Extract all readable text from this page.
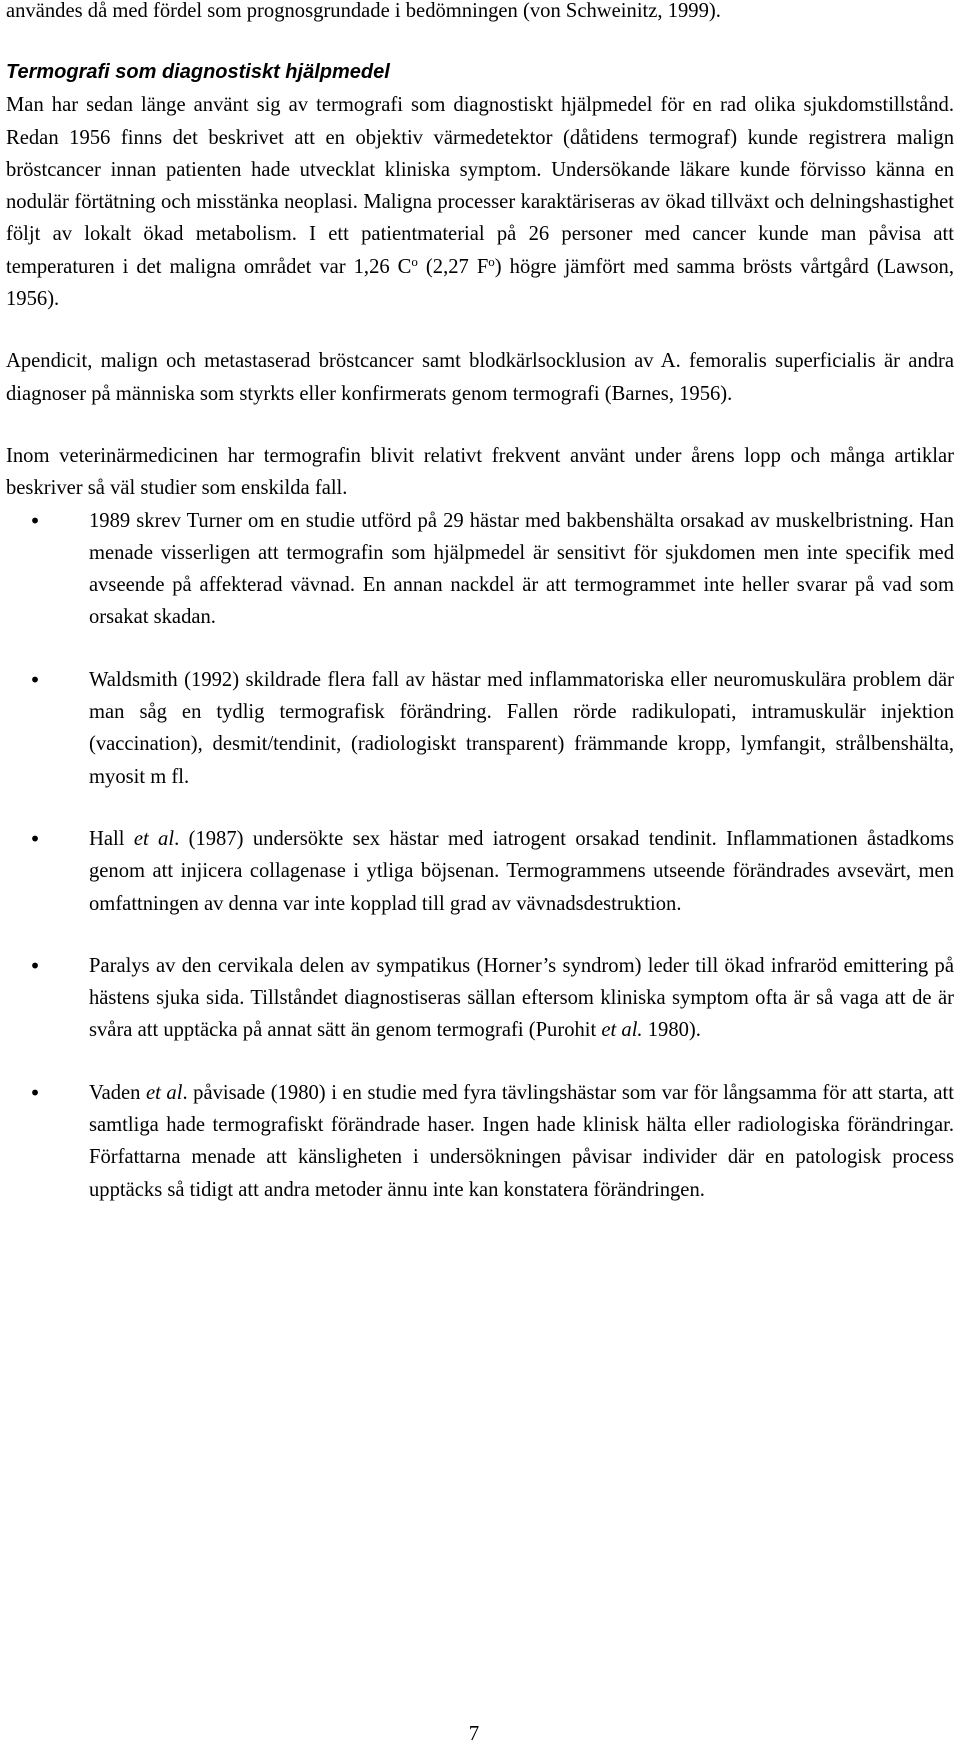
användes då med fördel som prognosgrundade i bedömningen (von Schweinitz, 1999).

Termografi som diagnostiskt hjälpmedel

Man har sedan länge använt sig av termografi som diagnostiskt hjälpmedel för en rad olika sjukdomstillstånd. Redan 1956 finns det beskrivet att en objektiv värmedetektor (dåtidens termograf) kunde registrera malign bröstcancer innan patienten hade utvecklat kliniska symptom. Undersökande läkare kunde förvisso känna en nodulär förtätning och misstänka neoplasi. Maligna processer karaktäriseras av ökad tillväxt och delningshastighet följt av lokalt ökad metabolism. I ett patientmaterial på 26 personer med cancer kunde man påvisa att temperaturen i det maligna området var 1,26 $C^o$ (2,27 $F^o$) högre jämfört med samma brösts vårtgård (Lawson, 1956).

Apendicit, malign och metastaserad bröstcancer samt blodkärlsocklusion av A. femoralis superficialis är andra diagnoser på människa som styrkts eller konfirmerats genom termografi (Barnes, 1956).

Inom veterinärmedicinen har termografin blivit relativt frekvent använt under årens lopp och många artiklar beskriver så väl studier som enskilda fall.

• 1989 skrev Turner om en studie utförd på 29 hästar med bakbenshälta orsakad av muskelbristning. Han menade visserligen att termografin som hjälpmedel är sensitivt för sjukdomen men inte specifik med avseende på affekterad vävnad. En annan nackdel är att termogrammet inte heller svarar på vad som orsakat skadan.
• Waldsmith (1992) skildrade flera fall av hästar med inflammatoriska eller neuromuskulära problem där man såg en tydlig termografisk förändring. Fallen rörde radikulopati, intramuskulär injektion (vaccination), desmit/tendinit, (radiologiskt transparent) främmande kropp, lymfangit, strålbenshälta, myosit m fl.
• Hall et al. (1987) undersökte sex hästar med iatrogent orsakad tendinit. Inflammationen åstadkoms genom att injicera collagenase i ytliga böjsenan. Termogrammens utseende förändrades avsevärt, men omfattningen av denna var inte kopplad till grad av vävnadsdestruktion.
• Paralys av den cervikala delen av sympatikus (Horner’s syndrom) leder till ökad infraröd emittering på hästens sjuka sida. Tillståndet diagnostiseras sällan eftersom kliniska symptom ofta är så vaga att de är svåra att upptäcka på annat sätt än genom termografi (Purohit et al. 1980).
• Vaden et al. påvisade (1980) i en studie med fyra tävlingshästar som var för långsamma för att starta, att samtliga hade termografiskt förändrade haser. Ingen hade klinisk hälta eller radiologiska förändringar. Författarna menade att känsligheten i undersökningen påvisar individer där en patologisk process upptäcks så tidigt att andra metoder ännu inte kan konstatera förändringen.
7
